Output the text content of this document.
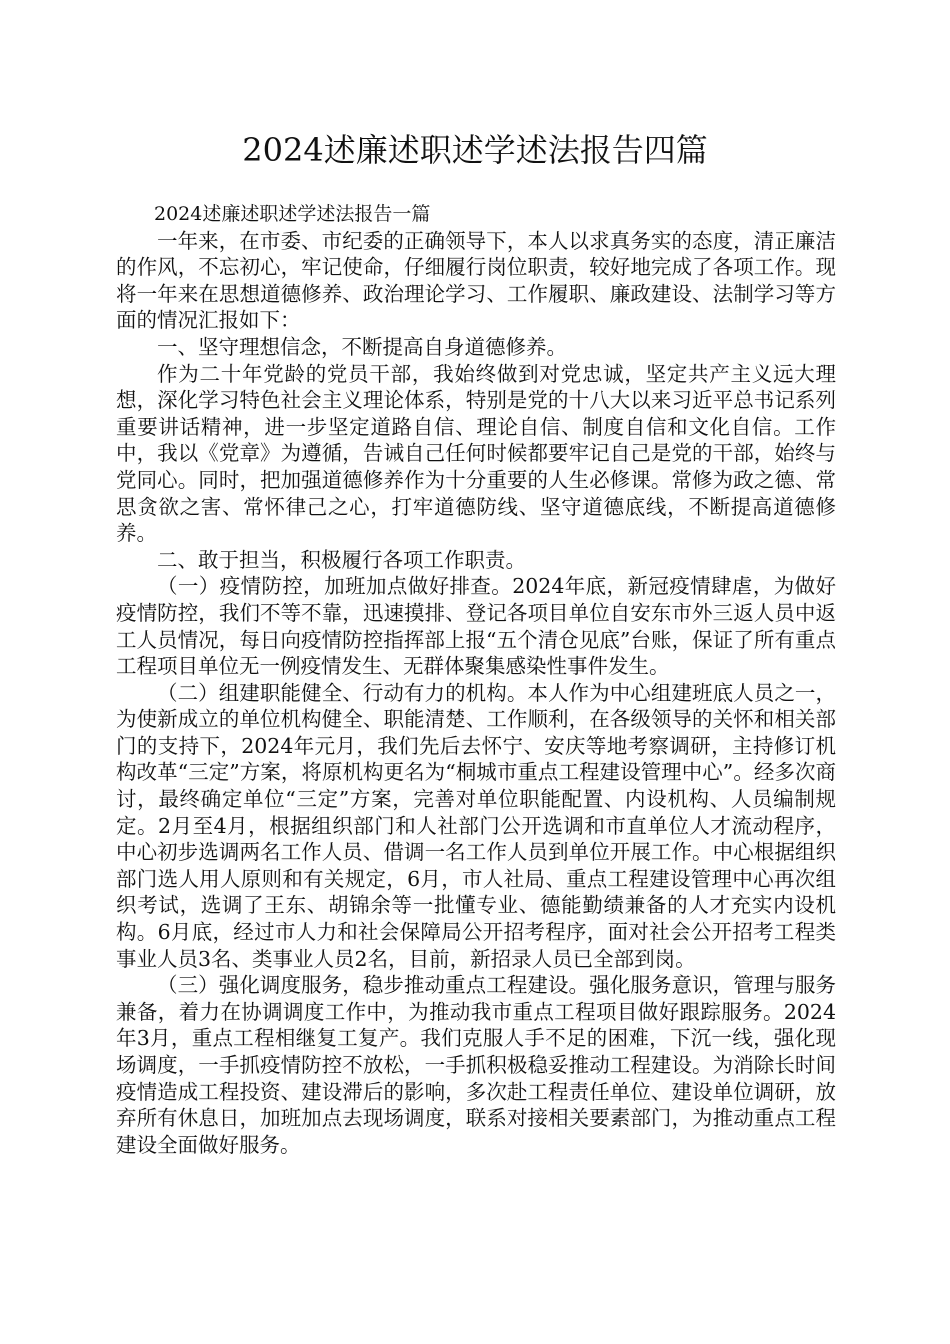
2024述廉述职述学述法报告四篇

2024述廉述职述学述法报告一篇

一年来，在市委、市纪委的正确领导下，本人以求真务实的态度，清正廉洁的作风，不忘初心，牢记使命，仔细履行岗位职责，较好地完成了各项工作。现将一年来在思想道德修养、政治理论学习、工作履职、廉政建设、法制学习等方面的情况汇报如下：

一、坚守理想信念，不断提高自身道德修养。

作为二十年党龄的党员干部，我始终做到对党忠诚，坚定共产主义远大理想，深化学习特色社会主义理论体系，特别是党的十八大以来习近平总书记系列重要讲话精神，进一步坚定道路自信、理论自信、制度自信和文化自信。工作中，我以《党章》为遵循，告诫自己任何时候都要牢记自己是党的干部，始终与党同心。同时，把加强道德修养作为十分重要的人生必修课。常修为政之德、常思贪欲之害、常怀律己之心，打牢道德防线、坚守道德底线，不断提高道德修养。

二、敢于担当，积极履行各项工作职责。

（一）疫情防控，加班加点做好排查。2024年底，新冠疫情肆虐，为做好疫情防控，我们不等不靠，迅速摸排、登记各项目单位自安东市外三返人员中返工人员情况，每日向疫情防控指挥部上报“五个清仓见底”台账，保证了所有重点工程项目单位无一例疫情发生、无群体聚集感染性事件发生。

（二）组建职能健全、行动有力的机构。本人作为中心组建班底人员之一，为使新成立的单位机构健全、职能清楚、工作顺利，在各级领导的关怀和相关部门的支持下，2024年元月，我们先后去怀宁、安庆等地考察调研，主持修订机构改革“三定”方案，将原机构更名为“桐城市重点工程建设管理中心”。经多次商讨，最终确定单位“三定”方案，完善对单位职能配置、内设机构、人员编制规定。2月至4月，根据组织部门和人社部门公开选调和市直单位人才流动程序，中心初步选调两名工作人员、借调一名工作人员到单位开展工作。中心根据组织部门选人用人原则和有关规定，6月，市人社局、重点工程建设管理中心再次组织考试，选调了王东、胡锦余等一批懂专业、德能勤绩兼备的人才充实内设机构。6月底，经过市人力和社会保障局公开招考程序，面对社会公开招考工程类事业人员3名、类事业人员2名，目前，新招录人员已全部到岗。

（三）强化调度服务，稳步推动重点工程建设。强化服务意识，管理与服务兼备，着力在协调调度工作中，为推动我市重点工程项目做好跟踪服务。2024年3月，重点工程相继复工复产。我们克服人手不足的困难，下沉一线，强化现场调度，一手抓疫情防控不放松，一手抓积极稳妥推动工程建设。为消除长时间疫情造成工程投资、建设滞后的影响，多次赴工程责任单位、建设单位调研，放弃所有休息日，加班加点去现场调度，联系对接相关要素部门，为推动重点工程建设全面做好服务。
